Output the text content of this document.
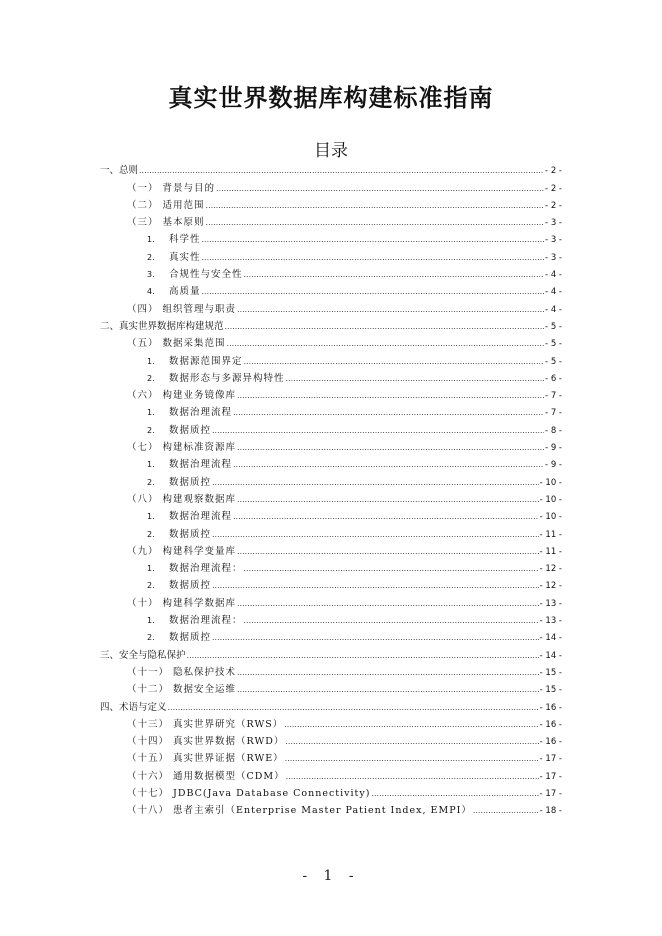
真实世界数据库构建标准指南
目录
一、总则 .....	- 2 -
（一） 背景与目的 .....	- 2 -
（二） 适用范围 .....	- 2 -
（三） 基本原则 .....	- 3 -
1. 科学性 .....	- 3 -
2. 真实性 .....	- 3 -
3. 合规性与安全性 .....	- 4 -
4. 高质量 .....	- 4 -
（四） 组织管理与职责 .....	- 4 -
二、真实世界数据库构建规范 .....	- 5 -
（五） 数据采集范围 .....	- 5 -
1. 数据源范围界定 .....	- 5 -
2. 数据形态与多源异构特性 .....	- 6 -
（六） 构建业务镜像库 .....	- 7 -
1. 数据治理流程 .....	- 7 -
2. 数据质控 .....	- 8 -
（七） 构建标准资源库 .....	- 9 -
1. 数据治理流程 .....	- 9 -
2. 数据质控 .....	- 10 -
（八） 构建观察数据库 .....	- 10 -
1. 数据治理流程 .....	- 10 -
2. 数据质控 .....	- 11 -
（九） 构建科学变量库 .....	- 11 -
1. 数据治理流程： .....	- 12 -
2. 数据质控 .....	- 12 -
（十） 构建科学数据库 .....	- 13 -
1. 数据治理流程： .....	- 13 -
2. 数据质控 .....	- 14 -
三、安全与隐私保护 .....	- 14 -
（十一） 隐私保护技术 .....	- 15 -
（十二） 数据安全运维 .....	- 15 -
四、术语与定义 .....	- 16 -
（十三） 真实世界研究（RWS） .....	- 16 -
（十四） 真实世界数据（RWD） .....	- 16 -
（十五） 真实世界证据（RWE） .....	- 17 -
（十六） 通用数据模型（CDM） .....	- 17 -
（十七） JDBC(Java Database Connectivity) .....	- 17 -
（十八） 患者主索引（Enterprise Master Patient Index, EMPI） .....	- 18 -
- 1 -
